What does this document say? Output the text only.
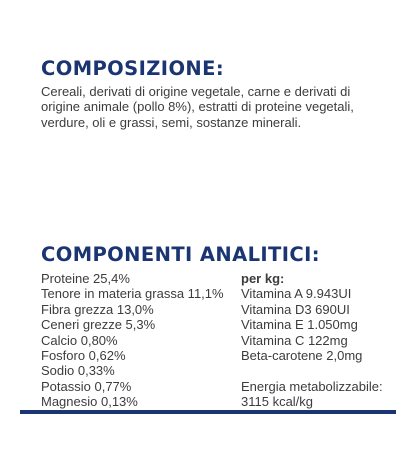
COMPOSIZIONE:

Cereali, derivati di origine vegetale, carne e derivati di origine animale (pollo 8%), estratti di proteine vegetali, verdure, oli e grassi, semi, sostanze minerali.

COMPONENTI ANALITICI:
Proteine 25,4%
Tenore in materia grassa 11,1%
Fibra grezza 13,0%
Ceneri grezze 5,3%
Calcio 0,80%
Fosforo 0,62%
Sodio 0,33%
Potassio 0,77%
Magnesio 0,13%
per kg:
Vitamina A 9.943UI
Vitamina D3 690UI
Vitamina E 1.050mg
Vitamina C 122mg
Beta-carotene 2,0mg
Energia metabolizzabile:
3115 kcal/kg
